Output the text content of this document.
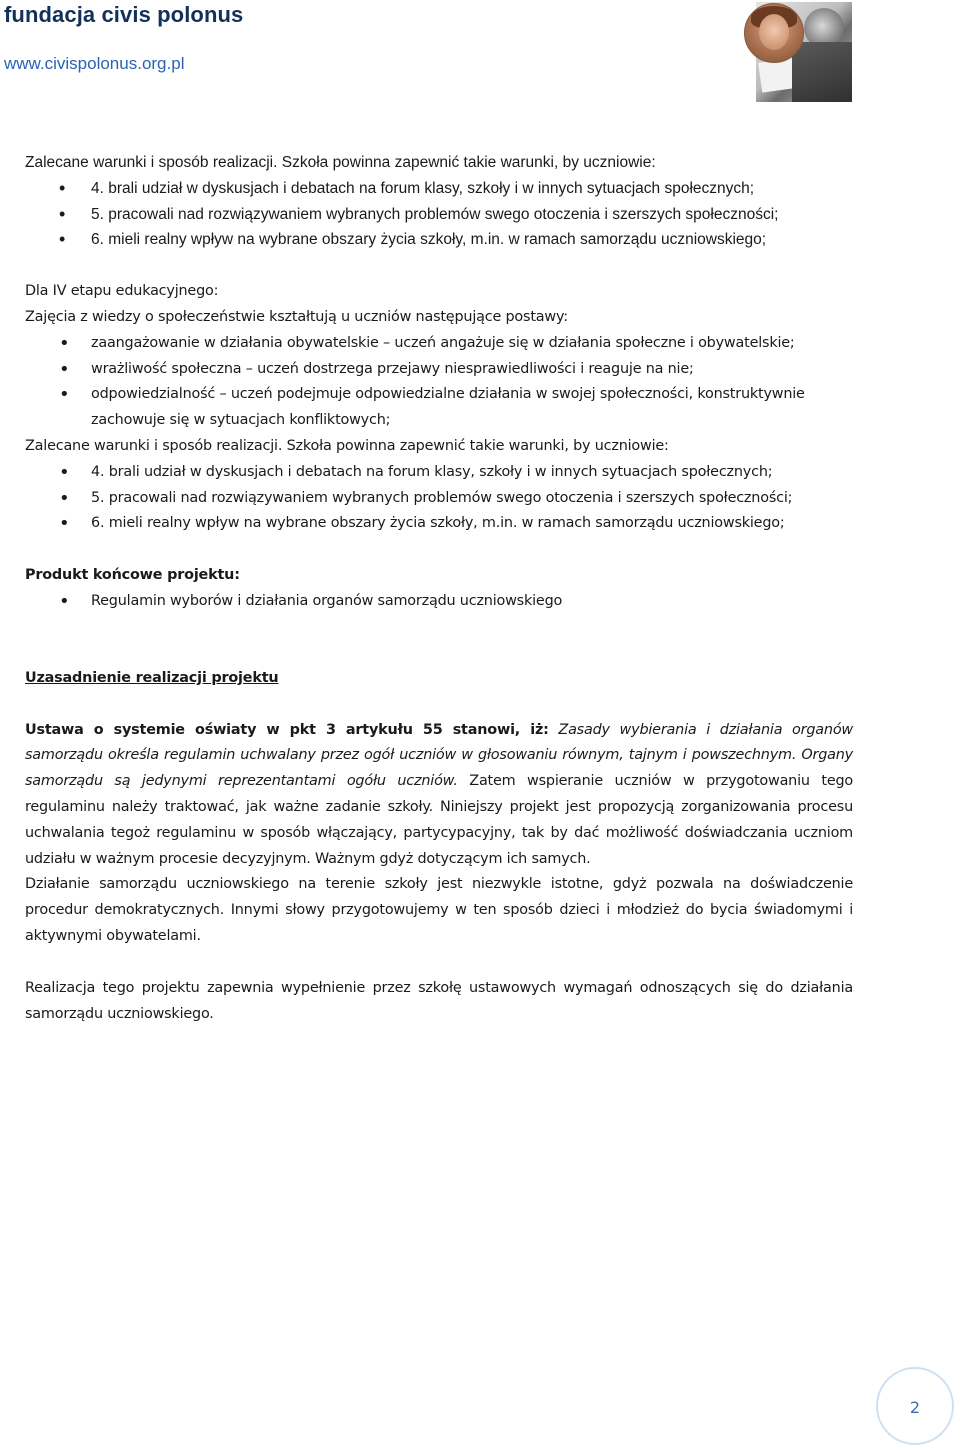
fundacja civis polonus
www.civispolonus.org.pl

Zalecane warunki i sposób realizacji. Szkoła powinna zapewnić takie warunki, by uczniowie:

• 4. brali udział w dyskusjach i debatach na forum klasy, szkoły i w innych sytuacjach społecznych;
• 5. pracowali nad rozwiązywaniem wybranych problemów swego otoczenia i szerszych społeczności;
• 6. mieli realny wpływ na wybrane obszary życia szkoły, m.in. w ramach samorządu uczniowskiego;

Dla IV etapu edukacyjnego:

Zajęcia z wiedzy o społeczeństwie kształtują u uczniów następujące postawy:

• zaangażowanie w działania obywatelskie – uczeń angażuje się w działania społeczne i obywatelskie;
• wrażliwość społeczna – uczeń dostrzega przejawy niesprawiedliwości i reaguje na nie;
• odpowiedzialność – uczeń podejmuje odpowiedzialne działania w swojej społeczności, konstruktywnie zachowuje się w sytuacjach konfliktowych;

Zalecane warunki i sposób realizacji. Szkoła powinna zapewnić takie warunki, by uczniowie:

• 4. brali udział w dyskusjach i debatach na forum klasy, szkoły i w innych sytuacjach społecznych;
• 5. pracowali nad rozwiązywaniem wybranych problemów swego otoczenia i szerszych społeczności;
• 6. mieli realny wpływ na wybrane obszary życia szkoły, m.in. w ramach samorządu uczniowskiego;

Produkt końcowe projektu:

• Regulamin wyborów i działania organów samorządu uczniowskiego

Uzasadnienie realizacji projektu

Ustawa o systemie oświaty w pkt 3 artykułu 55 stanowi, iż: Zasady wybierania i działania organów samorządu określa regulamin uchwalany przez ogół uczniów w głosowaniu równym, tajnym i powszechnym. Organy samorządu są jedynymi reprezentantami ogółu uczniów. Zatem wspieranie uczniów w przygotowaniu tego regulaminu należy traktować, jak ważne zadanie szkoły. Niniejszy projekt jest propozycją zorganizowania procesu uchwalania tegoż regulaminu w sposób włączający, partycypacyjny, tak by dać możliwość doświadczania uczniom udziału w ważnym procesie decyzyjnym. Ważnym gdyż dotyczącym ich samych.

Działanie samorządu uczniowskiego na terenie szkoły jest niezwykle istotne, gdyż pozwala na doświadczenie procedur demokratycznych. Innymi słowy przygotowujemy w ten sposób dzieci i młodzież do bycia świadomymi i aktywnymi obywatelami.

Realizacja tego projektu zapewnia wypełnienie przez szkołę ustawowych wymagań odnoszących się do działania samorządu uczniowskiego.

2
